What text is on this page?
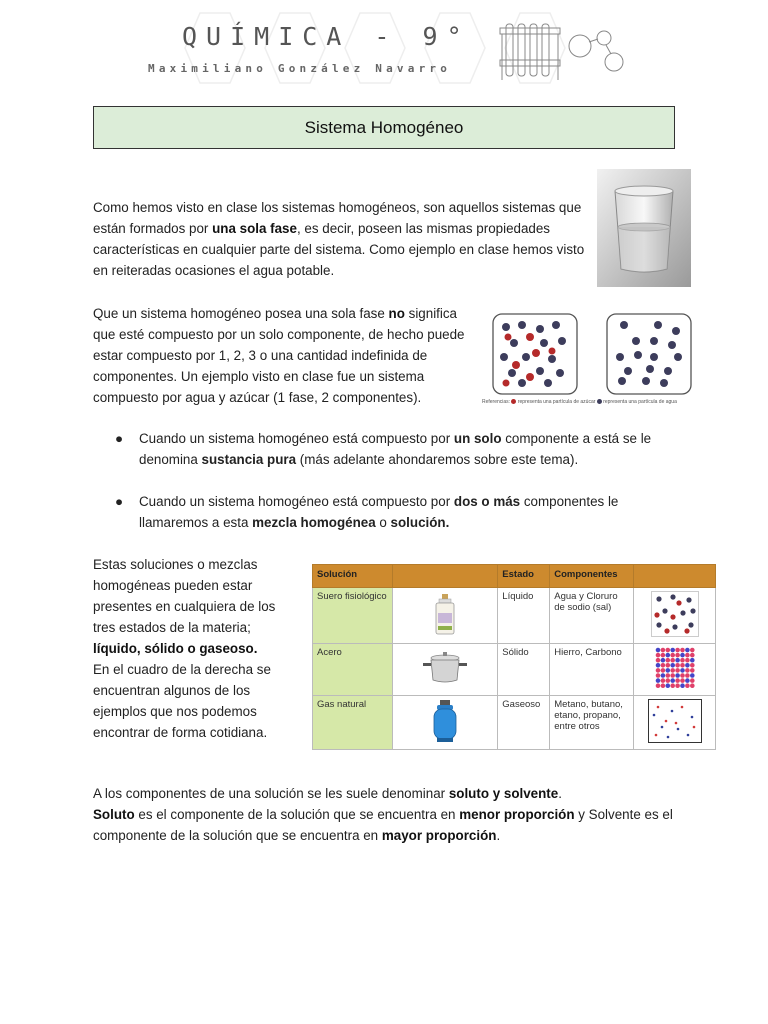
QUÍMICA - 9°
Maximiliano González Navarro
Sistema Homogéneo
Como hemos visto en clase los sistemas homogéneos, son aquellos sistemas que están formados por una sola fase, es decir, poseen las mismas propiedades características en cualquier parte del sistema. Como ejemplo en clase hemos visto en reiteradas ocasiones el agua potable.
Que un sistema homogéneo posea una sola fase no significa que esté compuesto por un solo componente, de hecho puede estar compuesto por 1, 2, 3 o una cantidad indefinida de componentes. Un ejemplo visto en clase fue un sistema compuesto por agua y azúcar (1 fase, 2 componentes).	Referencias: representa una partícula de azúcar representa una partícula de agua
● Cuando un sistema homogéneo está compuesto por un solo componente a está se le denomina sustancia pura (más adelante ahondaremos sobre este tema).
● Cuando un sistema homogéneo está compuesto por dos o más componentes le llamaremos a esta mezcla homogénea o solución.
Estas soluciones o mezclas homogéneas pueden estar presentes en cualquiera de los tres estados de la materia; líquido, sólido o gaseoso.
En el cuadro de la derecha se encuentran algunos de los ejemplos que nos podemos encontrar de forma cotidiana.
Solución		Estado	Componentes	
Suero fisiológico		Líquido	Agua y Cloruro de sodio (sal)	
Acero		Sólido	Hierro, Carbono	
Gas natural		Gaseoso	Metano, butano, etano, propano, entre otros	
A los componentes de una solución se les suele denominar soluto y solvente.
Soluto es el componente de la solución que se encuentra en menor proporción y Solvente es el componente de la solución que se encuentra en mayor proporción.
